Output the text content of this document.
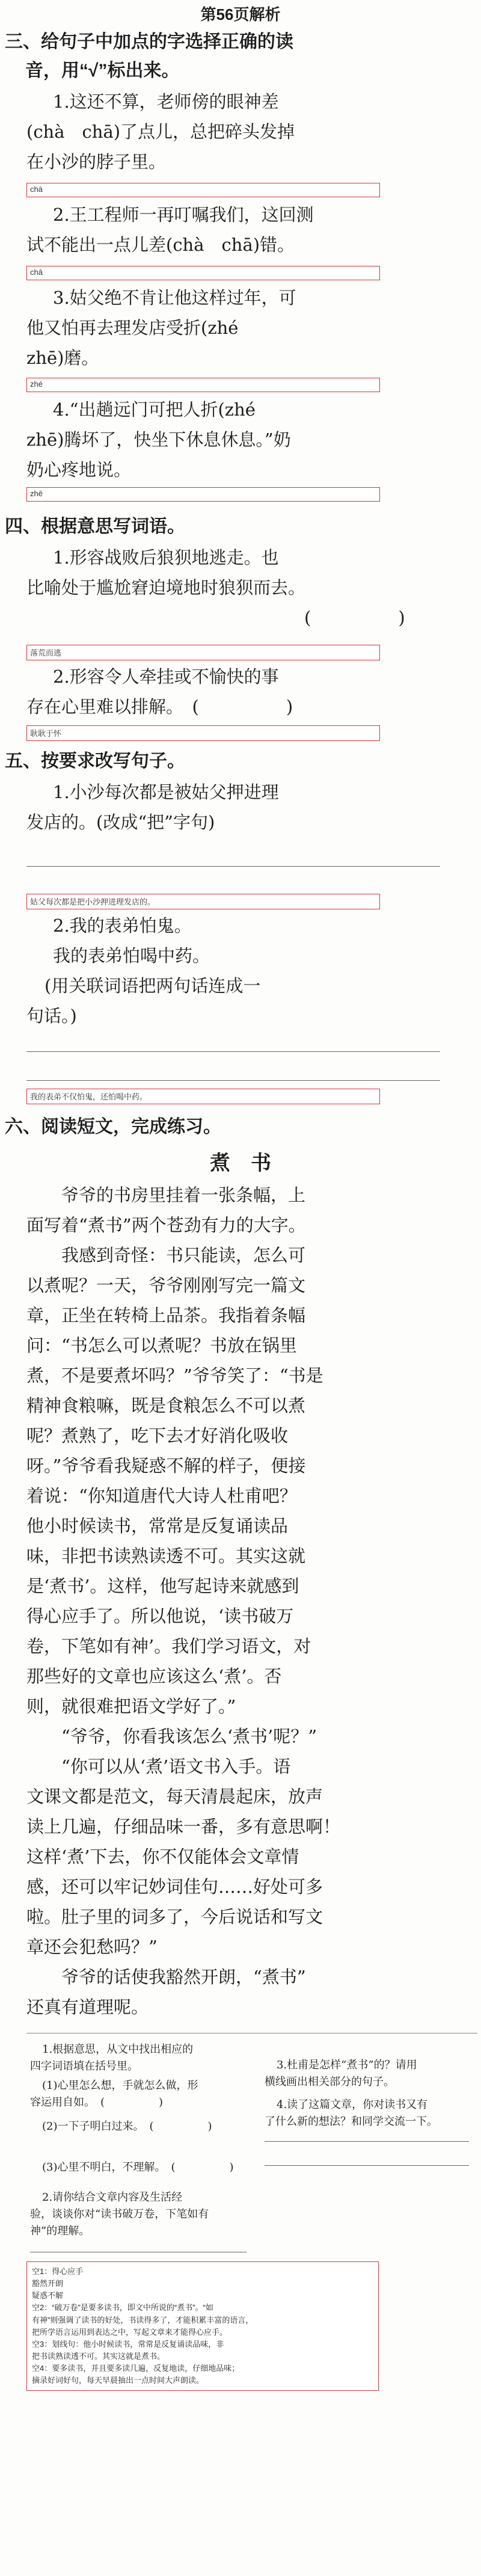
第56页解析
三、给句子中加点的字选择正确的读
音，用“√”标出来。
1.这还不算，老师傍的眼神差
(chà　chā)了点儿，总把碎头发掉
在小沙的脖子里。
chà
2.王工程师一再叮嘱我们，这回测
试不能出一点儿差(chà　chā)错。
chā
3.姑父绝不肯让他这样过年，可
他又怕再去理发店受折(zhé
zhē)磨。
zhé
4.“出趟远门可把人折(zhé
zhē)腾坏了，快坐下休息休息。”奶
奶心疼地说。
zhē
四、根据意思写词语。
1.形容战败后狼狈地逃走。也
比喻处于尴尬窘迫境地时狼狈而去。
(　　　　　)
落荒而逃
2.形容令人牵挂或不愉快的事
存在心里难以排解。　(　　　　　)
耿耿于怀
五、按要求改写句子。
1.小沙每次都是被姑父押进理
发店的。(改成“把”字句)
姑父每次都是把小沙押进理发店的。
2.我的表弟怕鬼。
我的表弟怕喝中药。
(用关联词语把两句话连成一
句话。)
我的表弟不仅怕鬼，还怕喝中药。
六、阅读短文，完成练习。
煮　书
　　爷爷的书房里挂着一张条幅，上
面写着“煮书”两个苍劲有力的大字。
　　我感到奇怪：书只能读，怎么可
以煮呢？一天，爷爷刚刚写完一篇文
章，正坐在转椅上品茶。我指着条幅
问：“书怎么可以煮呢？书放在锅里
煮，不是要煮坏吗？”爷爷笑了：“书是
精神食粮嘛，既是食粮怎么不可以煮
呢？煮熟了，吃下去才好消化吸收
呀。”爷爷看我疑惑不解的样子，便接
着说：“你知道唐代大诗人杜甫吧？
他小时候读书，常常是反复诵读品
味，非把书读熟读透不可。其实这就
是‘煮书’。这样，他写起诗来就感到
得心应手了。所以他说，‘读书破万
卷，下笔如有神’。我们学习语文，对
那些好的文章也应该这么‘煮’。否
则，就很难把语文学好了。”
　　“爷爷，你看我该怎么‘煮书’呢？”
　　“你可以从‘煮’语文书入手。语
文课文都是范文，每天清晨起床，放声
读上几遍，仔细品味一番，多有意思啊！
这样‘煮’下去，你不仅能体会文章情
感，还可以牢记妙词佳句……好处可多
啦。肚子里的词多了，今后说话和写文
章还会犯愁吗？”
　　爷爷的话使我豁然开朗，“煮书”
还真有道理呢。
1.根据意思，从文中找出相应的
四字词语填在括号里。
(1)心里怎么想，手就怎么做，形
容运用自如。　(　　　　　)
(2)一下子明白过来。　(　　　　　)
(3)心里不明白，不理解。　(　　　　　)
2.请你结合文章内容及生活经
验，谈谈你对“读书破万卷，下笔如有
神”的理解。
3.杜甫是怎样“煮书”的？请用
横线画出相关部分的句子。
4.读了这篇文章，你对读书又有
了什么新的想法？和同学交流一下。
空1：得心应手
豁然开朗
疑惑不解
空2：“破万卷”是要多读书，即文中所说的“煮书”。“如
有神”则强调了读书的好处，书读得多了，才能积累丰富的语言，
把所学语言运用到表达之中，写起文章来才能得心应手。
空3：划线句：他小时候读书，常常是反复诵读品味，非
把书读熟读透不可。其实这就是煮书。
空4：要多读书，并且要多读几遍，反复地读，仔细地品味；
摘录好词好句，每天早晨抽出一点时间大声朗读。
